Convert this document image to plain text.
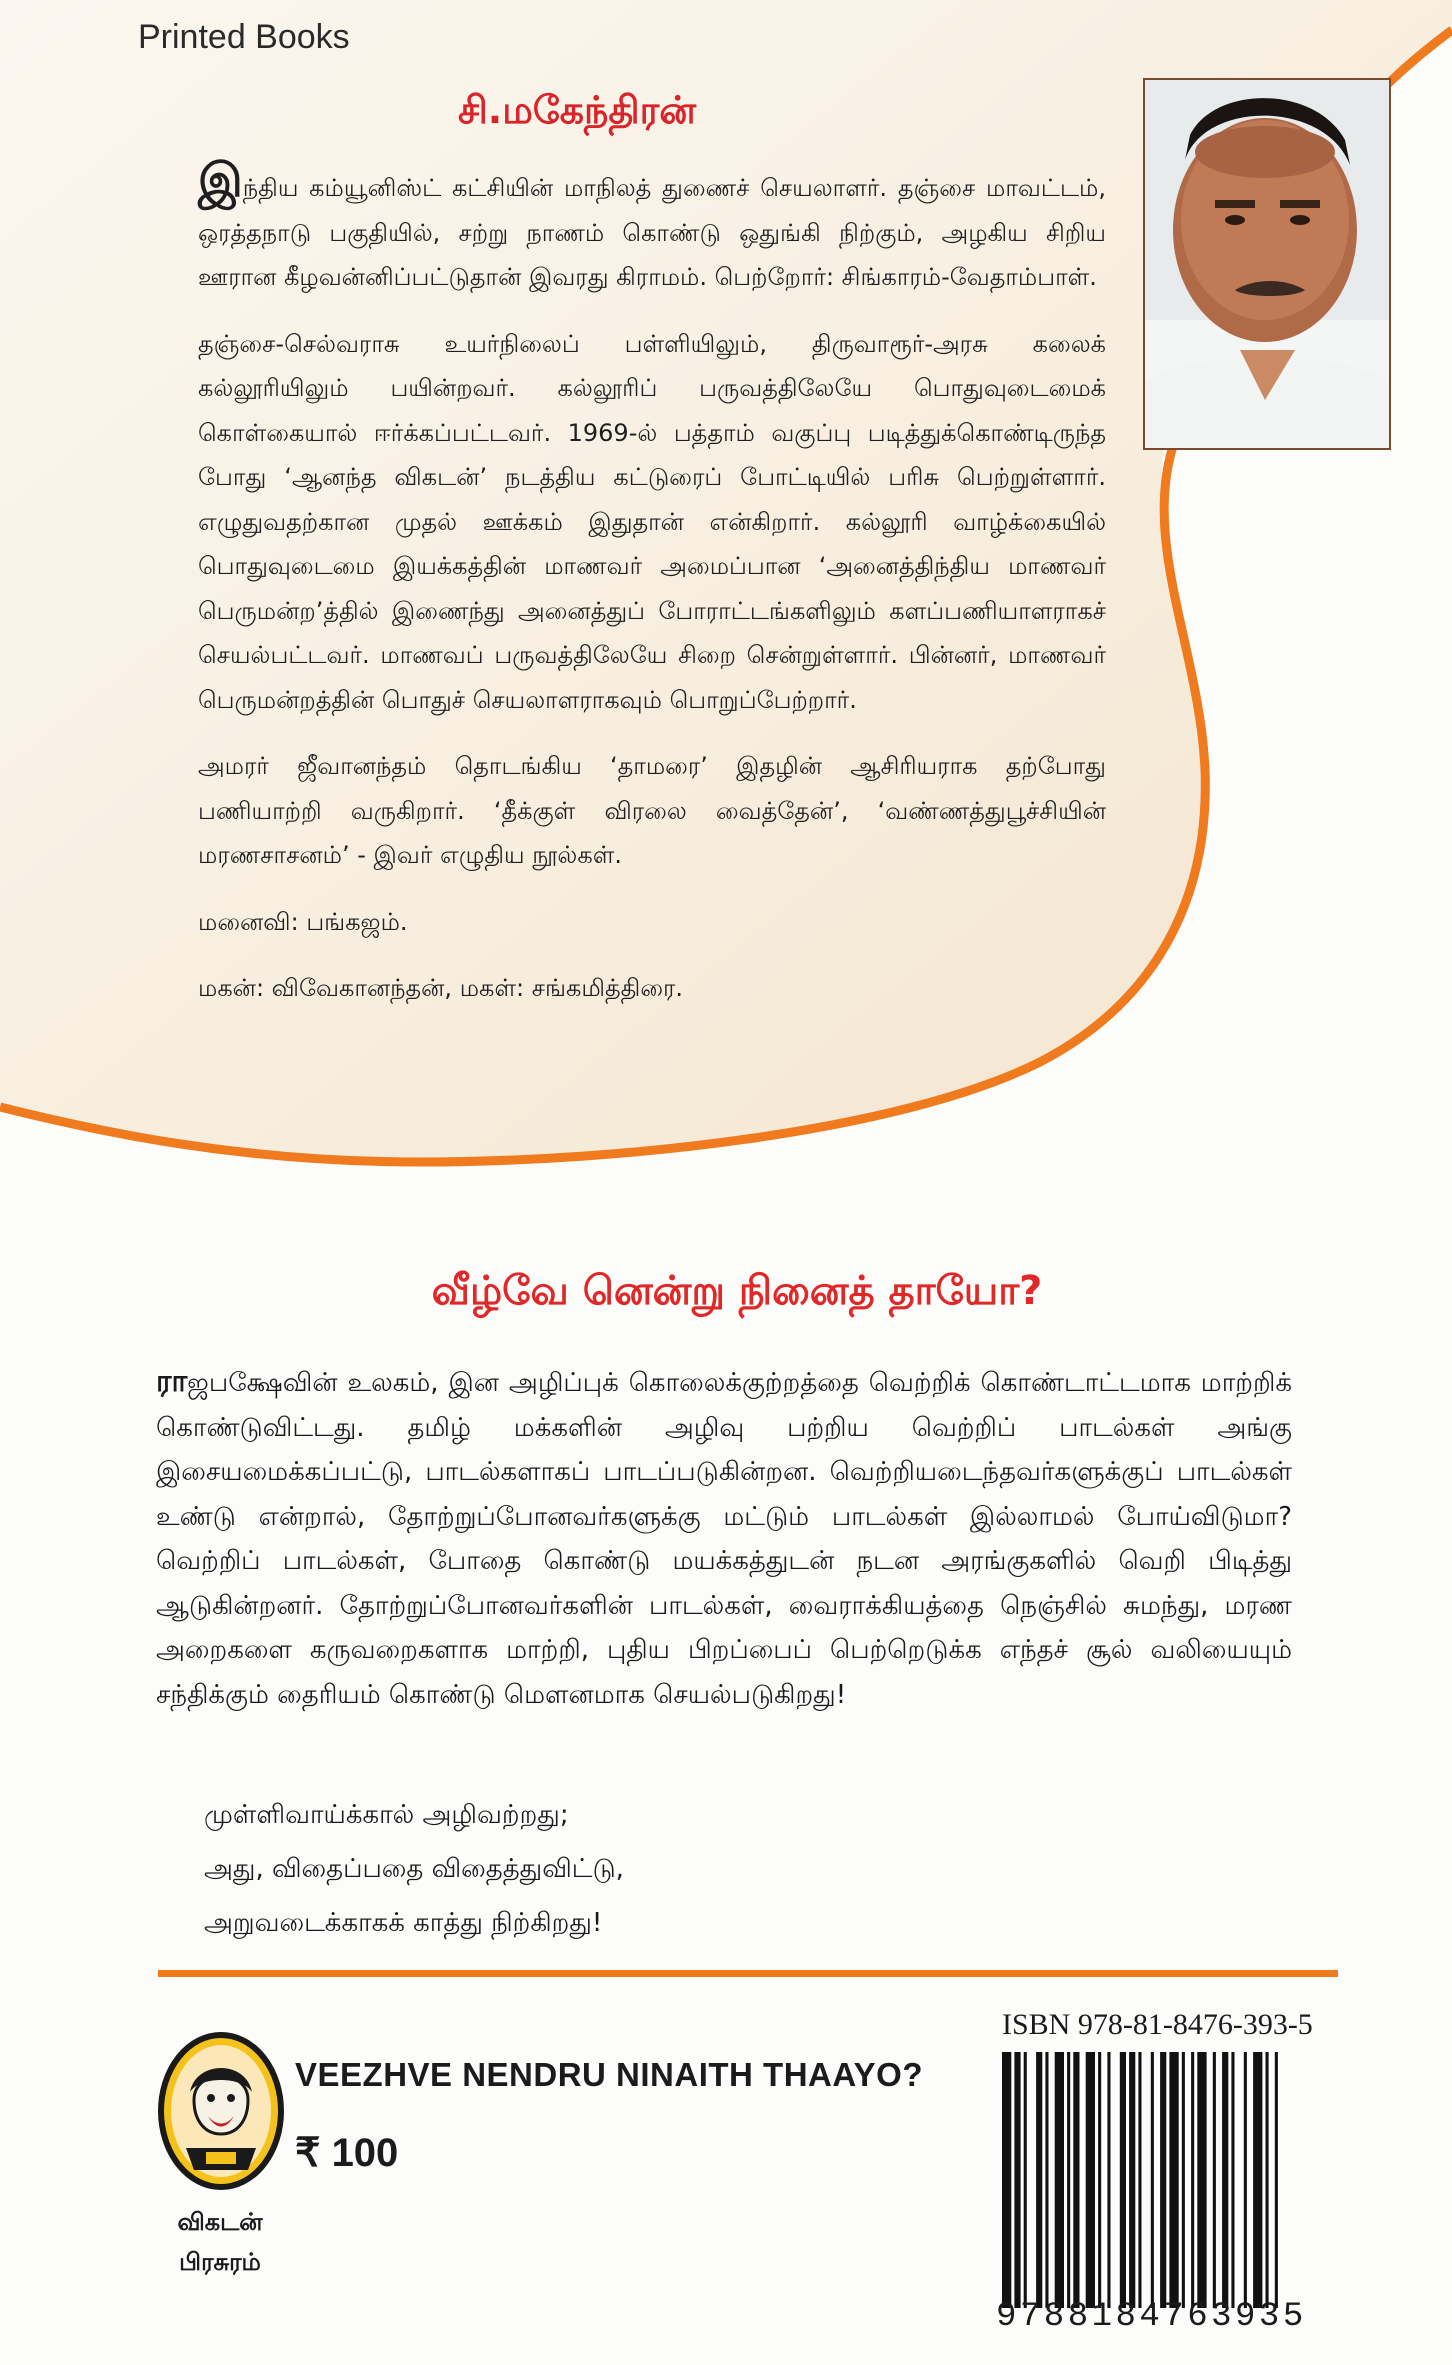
Printed Books
சி.மகேந்திரன்

இந்திய கம்யூனிஸ்ட் கட்சியின் மாநிலத் துணைச் செயலாளர். தஞ்சை மாவட்டம், ஒரத்தநாடு பகுதியில், சற்று நாணம் கொண்டு ஒதுங்கி நிற்கும், அழகிய சிறிய ஊரான கீழவன்னிப்பட்டுதான் இவரது கிராமம். பெற்றோர்: சிங்காரம்-வேதாம்பாள்.

தஞ்சை-செல்வராசு உயர்நிலைப் பள்ளியிலும், திருவாரூர்-அரசு கலைக் கல்லூரியிலும் பயின்றவர். கல்லூரிப் பருவத்திலேயே பொதுவுடைமைக் கொள்கையால் ஈர்க்கப்பட்டவர். 1969-ல் பத்தாம் வகுப்பு படித்துக்கொண்டிருந்த போது ‘ஆனந்த விகடன்’ நடத்திய கட்டுரைப் போட்டியில் பரிசு பெற்றுள்ளார். எழுதுவதற்கான முதல் ஊக்கம் இதுதான் என்கிறார். கல்லூரி வாழ்க்கையில் பொதுவுடைமை இயக்கத்தின் மாணவர் அமைப்பான ‘அனைத்திந்திய மாணவர் பெருமன்ற’த்தில் இணைந்து அனைத்துப் போராட்டங்களிலும் களப்பணியாளராகச் செயல்பட்டவர். மாணவப் பருவத்திலேயே சிறை சென்றுள்ளார். பின்னர், மாணவர் பெருமன்றத்தின் பொதுச் செயலாளராகவும் பொறுப்பேற்றார்.

அமரர் ஜீவானந்தம் தொடங்கிய ‘தாமரை’ இதழின் ஆசிரியராக தற்போது பணியாற்றி வருகிறார். ‘தீக்குள் விரலை வைத்தேன்’, ‘வண்ணத்துபூச்சியின் மரணசாசனம்’ - இவர் எழுதிய நூல்கள்.

மனைவி: பங்கஜம்.

மகன்: விவேகானந்தன், மகள்: சங்கமித்திரை.

வீழ்வே னென்று நினைத் தாயோ?

ராஜபக்ஷேவின் உலகம், இன அழிப்புக் கொலைக்குற்றத்தை வெற்றிக் கொண்டாட்டமாக மாற்றிக் கொண்டுவிட்டது. தமிழ் மக்களின் அழிவு பற்றிய வெற்றிப் பாடல்கள் அங்கு இசையமைக்கப்பட்டு, பாடல்களாகப் பாடப்படுகின்றன. வெற்றியடைந்தவர்களுக்குப் பாடல்கள் உண்டு என்றால், தோற்றுப்போனவர்களுக்கு மட்டும் பாடல்கள் இல்லாமல் போய்விடுமா? வெற்றிப் பாடல்கள், போதை கொண்டு மயக்கத்துடன் நடன அரங்குகளில் வெறி பிடித்து ஆடுகின்றனர். தோற்றுப்போனவர்களின் பாடல்கள், வைராக்கியத்தை நெஞ்சில் சுமந்து, மரண அறைகளை கருவறைகளாக மாற்றி, புதிய பிறப்பைப் பெற்றெடுக்க எந்தச் சூல் வலியையும் சந்திக்கும் தைரியம் கொண்டு மௌனமாக செயல்படுகிறது!

முள்ளிவாய்க்கால் அழிவற்றது;
அது, விதைப்பதை விதைத்துவிட்டு,
அறுவடைக்காகக் காத்து நிற்கிறது!
VEEZHVE NENDRU NINAITH THAAYO?
₹ 100
விகடன்
பிரசுரம்
ISBN 978-81-8476-393-5
9788184763935
